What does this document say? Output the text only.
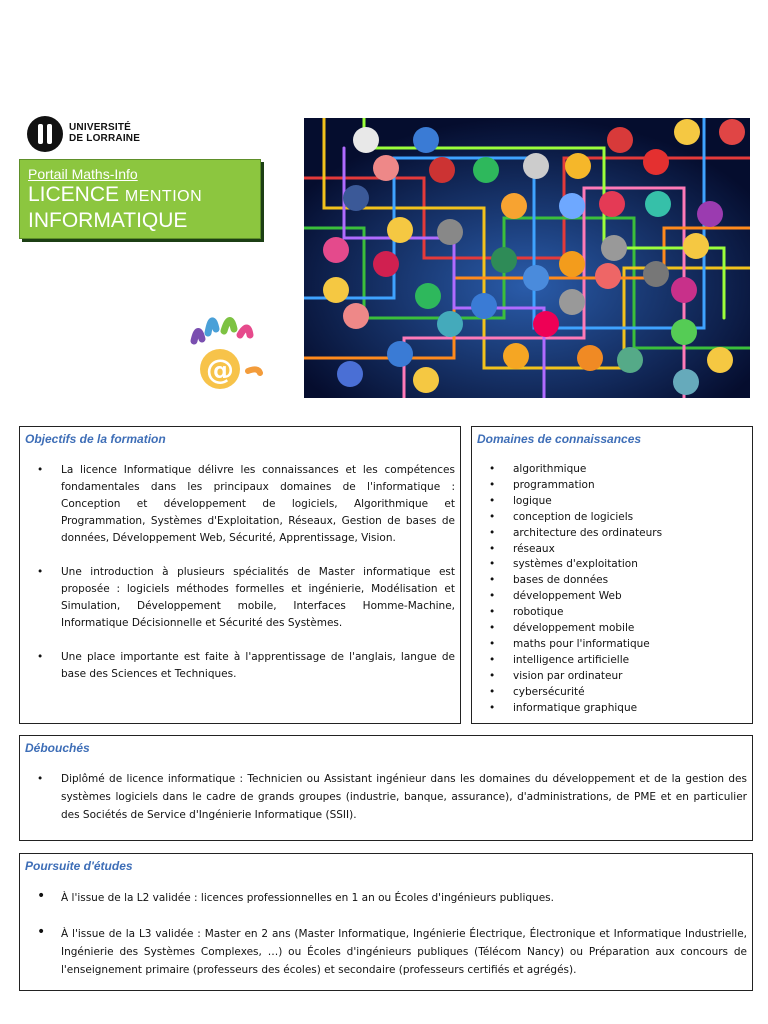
UNIVERSITÉ
DE LORRAINE
Portail Maths-Info
LICENCE MENTION
INFORMATIQUE
@
Objectifs de la formation
• La licence Informatique délivre les connaissances et les compétences fondamentales dans les principaux domaines de l'informatique : Conception et développement de logiciels, Algorithmique et Programmation, Systèmes d'Exploitation, Réseaux, Gestion de bases de données, Développement Web, Sécurité, Apprentissage, Vision.
• Une introduction à plusieurs spécialités de Master informatique est proposée : logiciels méthodes formelles et ingénierie, Modélisation et Simulation, Développement mobile, Interfaces Homme-Machine, Informatique Décisionnelle et Sécurité des Systèmes.
• Une place importante est faite à l'apprentissage de l'anglais, langue de base des Sciences et Techniques.
Domaines de connaissances
• algorithmique
• programmation
• logique
• conception de logiciels
• architecture des ordinateurs
• réseaux
• systèmes d'exploitation
• bases de données
• développement Web
• robotique
• développement mobile
• maths pour l'informatique
• intelligence artificielle
• vision par ordinateur
• cybersécurité
• informatique graphique
Débouchés
• Diplômé de licence informatique : Technicien ou Assistant ingénieur dans les domaines du développement et de la gestion des systèmes logiciels dans le cadre de grands groupes (industrie, banque, assurance), d'administrations, de PME et en particulier des Sociétés de Service d'Ingénierie Informatique (SSII).
Poursuite d'études
• À l'issue de la L2 validée : licences professionnelles en 1 an ou Écoles d'ingénieurs publiques.
• À l'issue de la L3 validée : Master en 2 ans (Master Informatique, Ingénierie Électrique, Électronique et Informatique Industrielle, Ingénierie des Systèmes Complexes, …) ou Écoles d'ingénieurs publiques (Télécom Nancy) ou Préparation aux concours de l'enseignement primaire (professeurs des écoles) et secondaire (professeurs certifiés et agrégés).
